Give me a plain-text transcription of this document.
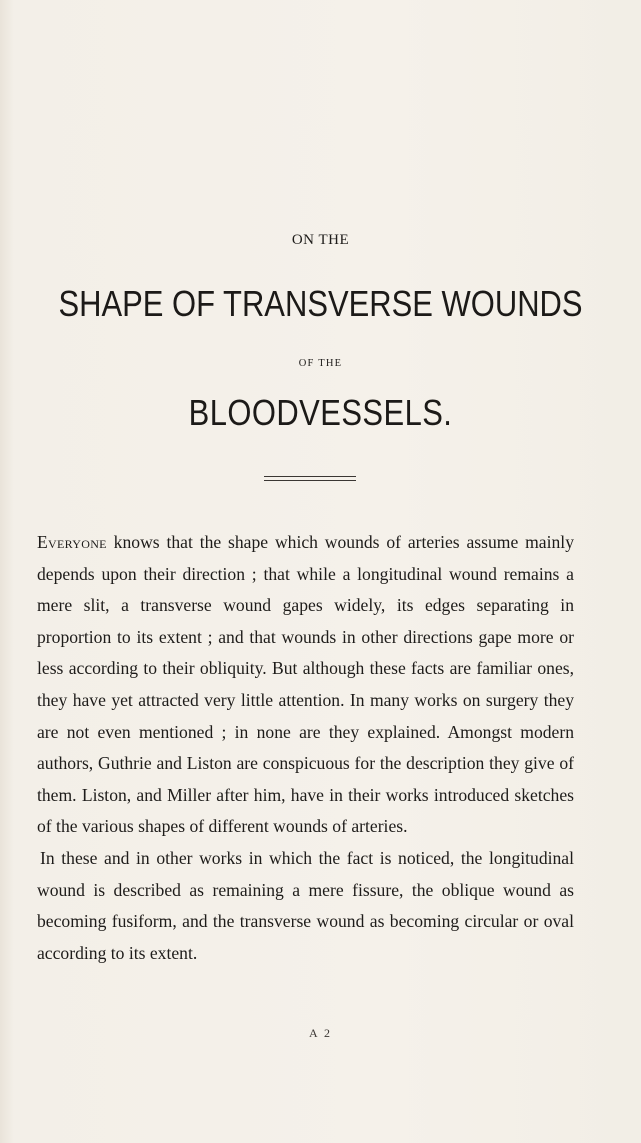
ON THE
SHAPE OF TRANSVERSE WOUNDS
OF THE
BLOODVESSELS.

Everyone knows that the shape which wounds of arteries assume mainly depends upon their direction ; that while a longitudinal wound remains a mere slit, a transverse wound gapes widely, its edges separating in proportion to its extent ; and that wounds in other directions gape more or less according to their obliquity. But although these facts are familiar ones, they have yet attracted very little attention. In many works on surgery they are not even mentioned ; in none are they explained. Amongst modern authors, Guthrie and Liston are conspicuous for the description they give of them. Liston, and Miller after him, have in their works introduced sketches of the various shapes of different wounds of arteries.

In these and in other works in which the fact is noticed, the longitudinal wound is described as remaining a mere fissure, the oblique wound as becoming fusiform, and the transverse wound as becoming circular or oval according to its extent.

A 2
